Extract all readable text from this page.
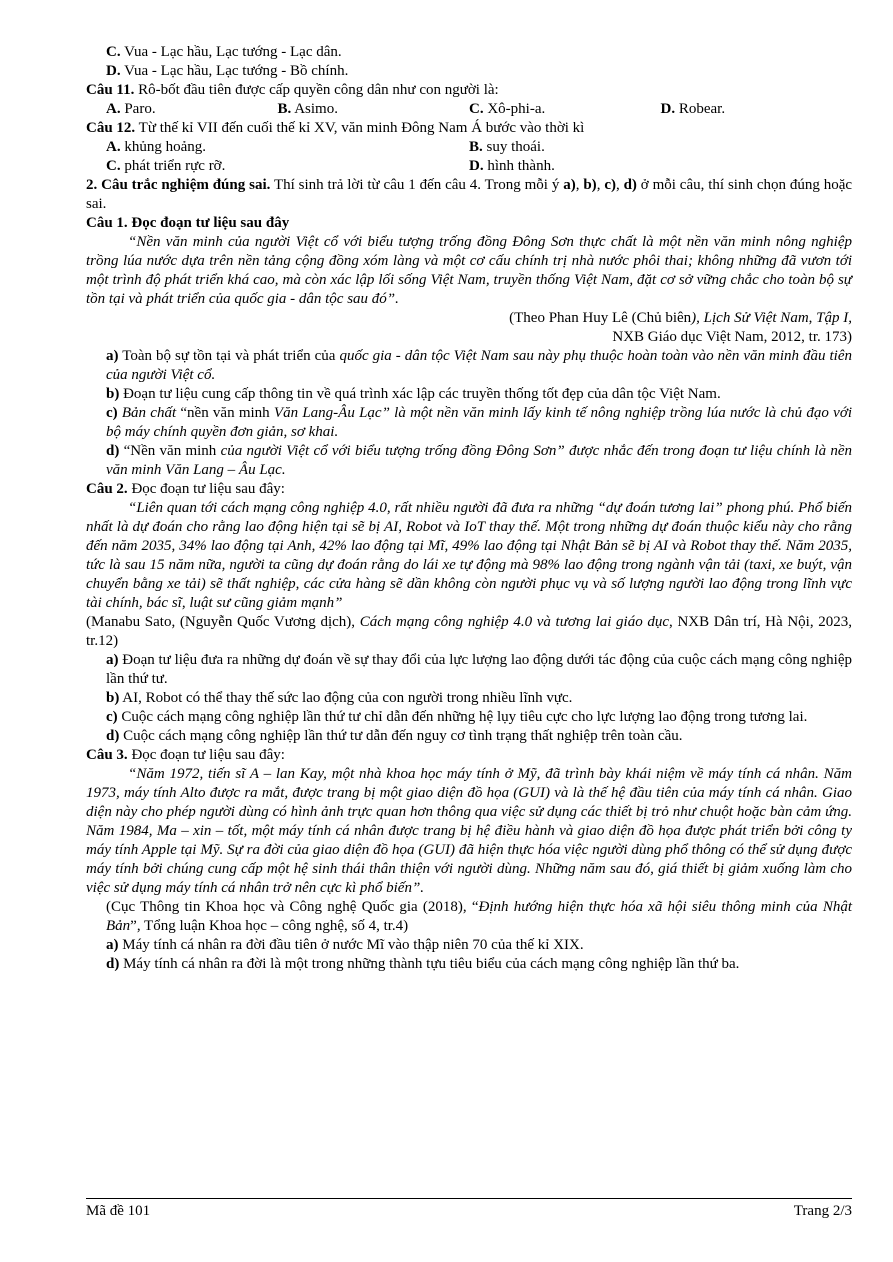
C. Vua - Lạc hầu, Lạc tướng - Lạc dân.

D. Vua - Lạc hầu, Lạc tướng - Bồ chính.

Câu 11. Rô-bốt đầu tiên được cấp quyền công dân như con người là:

A. Paro.	B. Asimo.	C. Xô-phi-a.	D. Robear.

Câu 12. Từ thế kỉ VII đến cuối thế kỉ XV, văn minh Đông Nam Á bước vào thời kì

A. khủng hoảng.	B. suy thoái.
C. phát triển rực rỡ.	D. hình thành.

2. Câu trắc nghiệm đúng sai. Thí sinh trả lời từ câu 1 đến câu 4. Trong mỗi ý a), b), c), d) ở mỗi câu, thí sinh chọn đúng hoặc sai.

Câu 1. Đọc đoạn tư liệu sau đây

“Nền văn minh của người Việt cổ với biểu tượng trống đồng Đông Sơn thực chất là một nền văn minh nông nghiệp trồng lúa nước dựa trên nền tảng cộng đồng xóm làng và một cơ cấu chính trị nhà nước phôi thai; không những đã vươn tới một trình độ phát triển khá cao, mà còn xác lập lối sống Việt Nam, truyền thống Việt Nam, đặt cơ sở vững chắc cho toàn bộ sự tồn tại và phát triển của quốc gia - dân tộc sau đó”.

(Theo Phan Huy Lê (Chủ biên), Lịch Sử Việt Nam, Tập I,

NXB Giáo dục Việt Nam, 2012, tr. 173)

a) Toàn bộ sự tồn tại và phát triển của quốc gia - dân tộc Việt Nam sau này phụ thuộc hoàn toàn vào nền văn minh đầu tiên của người Việt cổ.

b) Đoạn tư liệu cung cấp thông tin về quá trình xác lập các truyền thống tốt đẹp của dân tộc Việt Nam.

c) Bản chất “nền văn minh Văn Lang-Âu Lạc” là một nền văn minh lấy kinh tế nông nghiệp trồng lúa nước là chủ đạo với bộ máy chính quyền đơn giản, sơ khai.

d) “Nền văn minh của người Việt cổ với biểu tượng trống đồng Đông Sơn” được nhắc đến trong đoạn tư liệu chính là nền văn minh Văn Lang – Âu Lạc.

Câu 2. Đọc đoạn tư liệu sau đây:

“Liên quan tới cách mạng công nghiệp 4.0, rất nhiều người đã đưa ra những “dự đoán tương lai” phong phú. Phổ biến nhất là dự đoán cho rằng lao động hiện tại sẽ bị AI, Robot và IoT thay thế. Một trong những dự đoán thuộc kiểu này cho rằng đến năm 2035, 34% lao động tại Anh, 42% lao động tại Mĩ, 49% lao động tại Nhật Bản sẽ bị AI và Robot thay thế. Năm 2035, tức là sau 15 năm nữa, người ta cũng dự đoán rằng do lái xe tự động mà 98% lao động trong ngành vận tải (taxi, xe buýt, vận chuyển bằng xe tải) sẽ thất nghiệp, các cửa hàng sẽ dần không còn người phục vụ và số lượng người lao động trong lĩnh vực tài chính, bác sĩ, luật sư cũng giảm mạnh”

(Manabu Sato, (Nguyễn Quốc Vương dịch), Cách mạng công nghiệp 4.0 và tương lai giáo dục, NXB Dân trí, Hà Nội, 2023, tr.12)

a) Đoạn tư liệu đưa ra những dự đoán về sự thay đổi của lực lượng lao động dưới tác động của cuộc cách mạng công nghiệp lần thứ tư.

b) AI, Robot có thể thay thế sức lao động của con người trong nhiều lĩnh vực.

c) Cuộc cách mạng công nghiệp lần thứ tư chỉ dẫn đến những hệ lụy tiêu cực cho lực lượng lao động trong tương lai.

d) Cuộc cách mạng công nghiệp lần thứ tư dẫn đến nguy cơ tình trạng thất nghiệp trên toàn cầu.

Câu 3. Đọc đoạn tư liệu sau đây:

“Năm 1972, tiến sĩ A – lan Kay, một nhà khoa học máy tính ở Mỹ, đã trình bày khái niệm về máy tính cá nhân. Năm 1973, máy tính Alto được ra mắt, được trang bị một giao diện đồ họa (GUI) và là thế hệ đầu tiên của máy tính cá nhân. Giao diện này cho phép người dùng có hình ảnh trực quan hơn thông qua việc sử dụng các thiết bị trỏ như chuột hoặc bàn cảm ứng. Năm 1984, Ma – xin – tốt, một máy tính cá nhân được trang bị hệ điều hành và giao diện đồ họa được phát triển bởi công ty máy tính Apple tại Mỹ. Sự ra đời của giao diện đồ họa (GUI) đã hiện thực hóa việc người dùng phổ thông có thể sử dụng được máy tính bởi chúng cung cấp một hệ sinh thái thân thiện với người dùng. Những năm sau đó, giá thiết bị giảm xuống làm cho việc sử dụng máy tính cá nhân trở nên cực kì phổ biến”.

(Cục Thông tin Khoa học và Công nghệ Quốc gia (2018), “Định hướng hiện thực hóa xã hội siêu thông minh của Nhật Bản”, Tổng luận Khoa học – công nghệ, số 4, tr.4)

a) Máy tính cá nhân ra đời đầu tiên ở nước Mĩ vào thập niên 70 của thế kỉ XIX.

d) Máy tính cá nhân ra đời là một trong những thành tựu tiêu biểu của cách mạng công nghiệp lần thứ ba.

Mã đề 101	Trang 2/3
